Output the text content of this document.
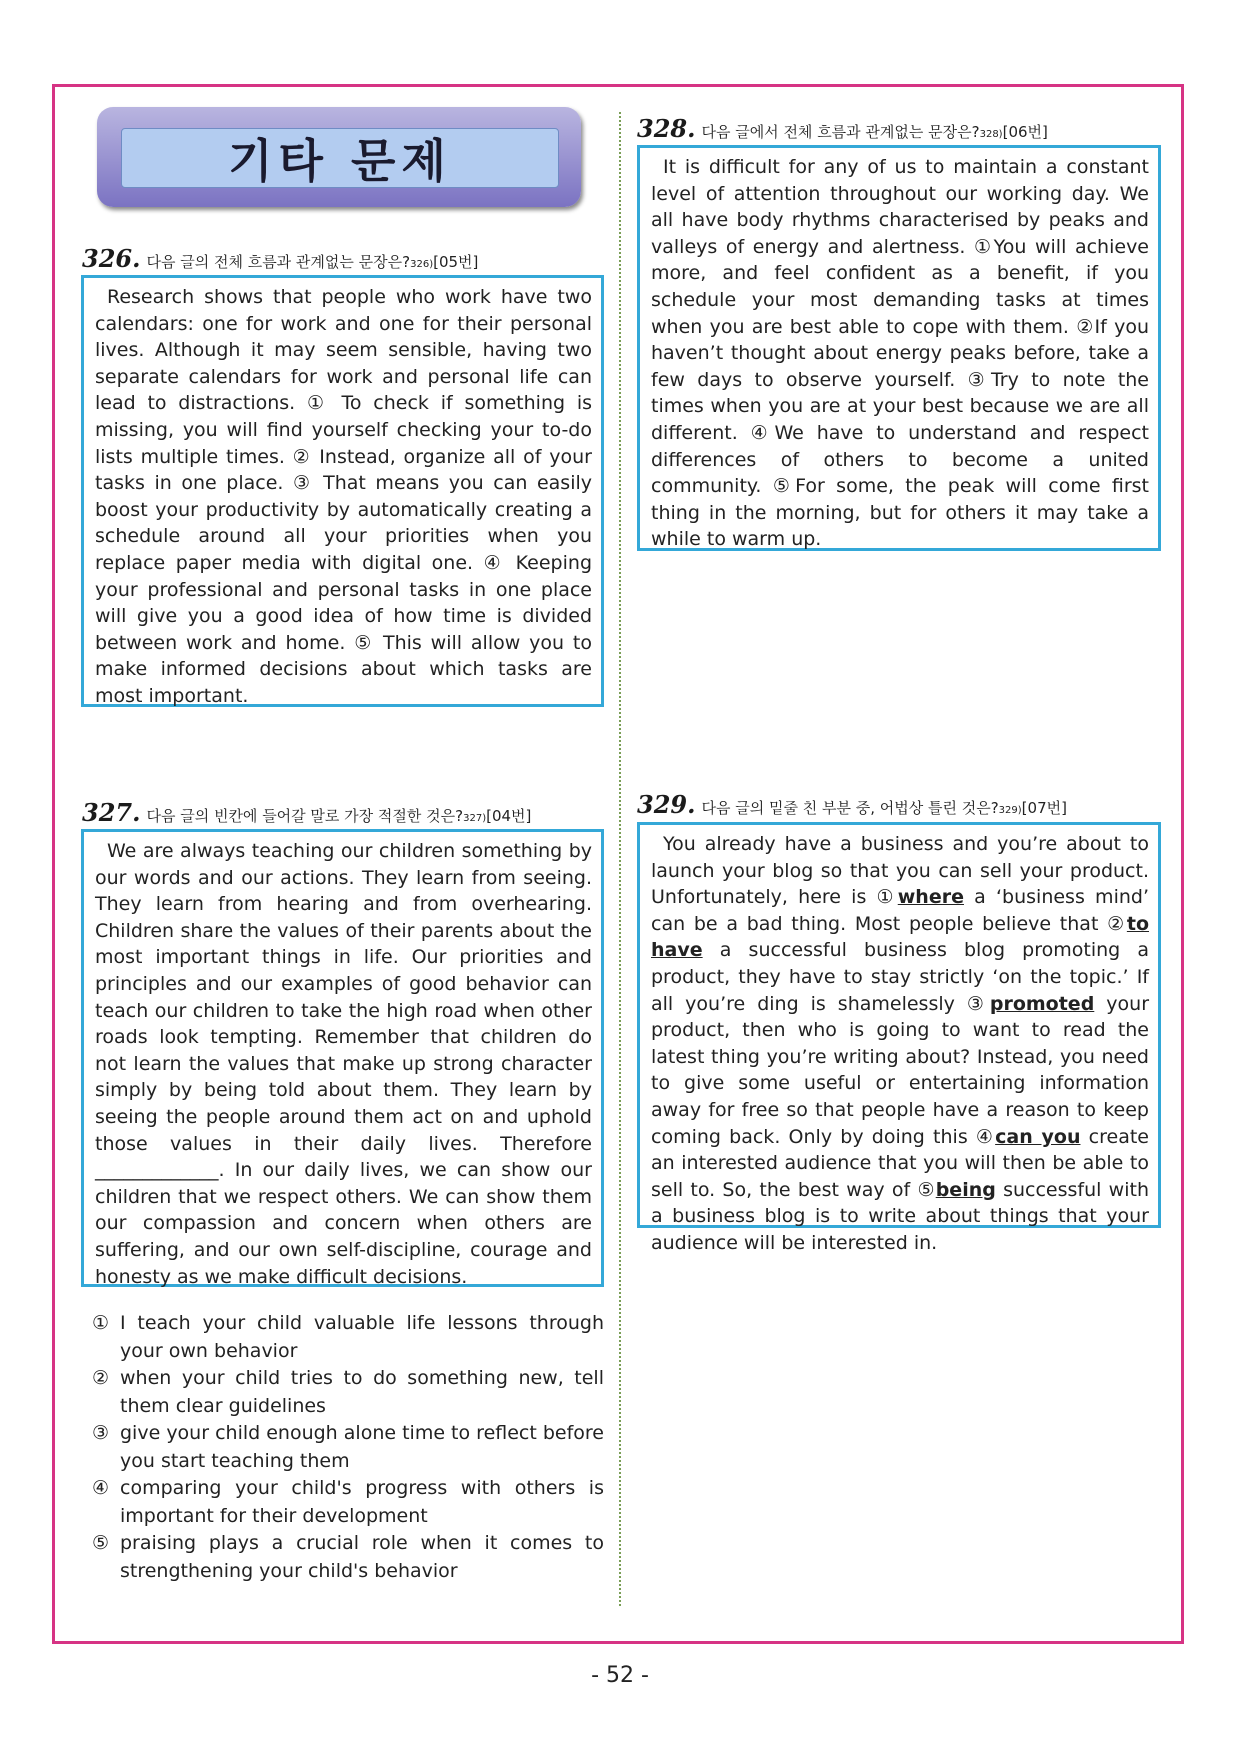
기타 문제
326. 다음 글의 전체 흐름과 관계없는 문장은? 326) [05번]

Research shows that people who work have two calendars: one for work and one for their personal lives. Although it may seem sensible, having two separate calendars for work and personal life can lead to distractions. ① To check if something is missing, you will find yourself checking your to-do lists multiple times. ② Instead, organize all of your tasks in one place. ③ That means you can easily boost your productivity by automatically creating a schedule around all your priorities when you replace paper media with digital one. ④ Keeping your professional and personal tasks in one place will give you a good idea of how time is divided between work and home. ⑤ This will allow you to make informed decisions about which tasks are most important.

327. 다음 글의 빈칸에 들어갈 말로 가장 적절한 것은? 327) [04번]

We are always teaching our children something by our words and our actions. They learn from seeing. They learn from hearing and from overhearing. Children share the values of their parents about the most important things in life. Our priorities and principles and our examples of good behavior can teach our children to take the high road when other roads look tempting. Remember that children do not learn the values that make up strong character simply by being told about them. They learn by seeing the people around them act on and uphold those values in their daily lives. Therefore _____________. In our daily lives, we can show our children that we respect others. We can show them our compassion and concern when others are suffering, and our own self-discipline, courage and honesty as we make difficult decisions.

① I teach your child valuable life lessons through your own behavior
② when your child tries to do something new, tell them clear guidelines
③ give your child enough alone time to reflect before you start teaching them
④ comparing your child's progress with others is important for their development
⑤ praising plays a crucial role when it comes to strengthening your child's behavior
328. 다음 글에서 전체 흐름과 관계없는 문장은? 328) [06번]

It is difficult for any of us to maintain a constant level of attention throughout our working day. We all have body rhythms characterised by peaks and valleys of energy and alertness. ①You will achieve more, and feel confident as a benefit, if you schedule your most demanding tasks at times when you are best able to cope with them. ②If you haven’t thought about energy peaks before, take a few days to observe yourself. ③Try to note the times when you are at your best because we are all different. ④We have to understand and respect differences of others to become a united community. ⑤For some, the peak will come first thing in the morning, but for others it may take a while to warm up.

329. 다음 글의 밑줄 친 부분 중, 어법상 틀린 것은? 329) [07번]

You already have a business and you’re about to launch your blog so that you can sell your product. Unfortunately, here is ①where a ‘business mind’ can be a bad thing. Most people believe that ②to have a successful business blog promoting a product, they have to stay strictly ‘on the topic.’ If all you’re ding is shamelessly ③promoted your product, then who is going to want to read the latest thing you’re writing about? Instead, you need to give some useful or entertaining information away for free so that people have a reason to keep coming back. Only by doing this ④can you create an interested audience that you will then be able to sell to. So, the best way of ⑤being successful with a business blog is to write about things that your audience will be interested in.

- 52 -
